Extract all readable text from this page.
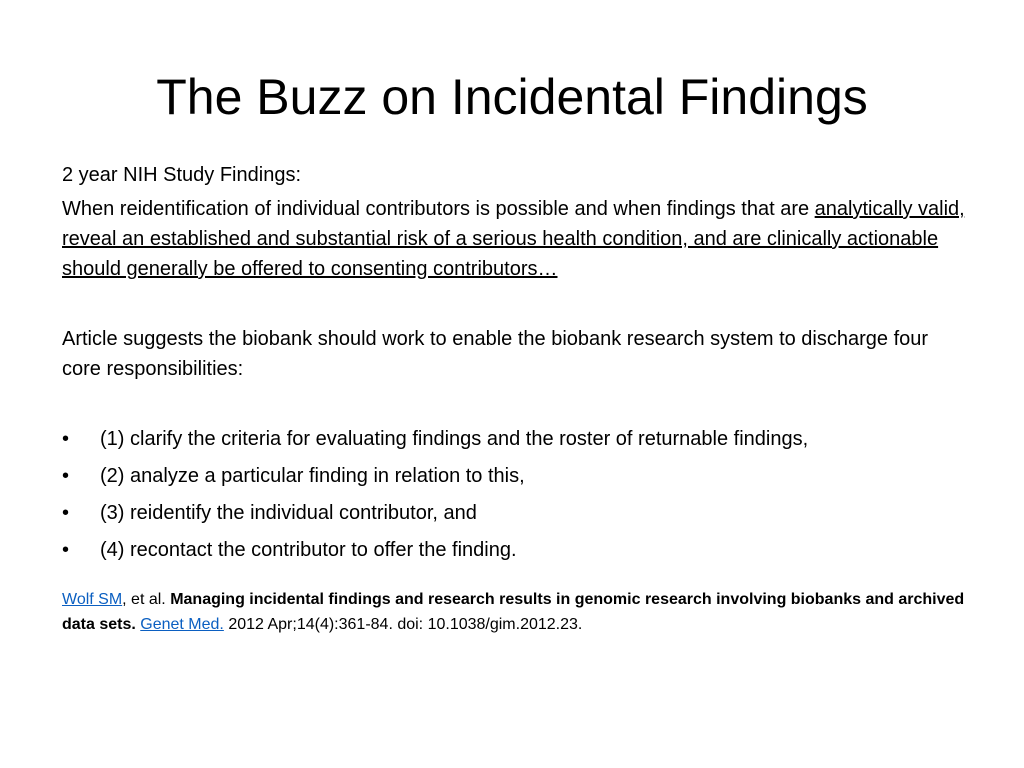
The Buzz on Incidental Findings

2 year NIH Study Findings:

When reidentification of individual contributors is possible and when findings that are analytically valid, reveal an established and substantial risk of a serious health condition, and are clinically actionable should generally be offered to consenting contributors…

Article suggests the biobank should work to enable the biobank research system to discharge four core responsibilities:

• (1) clarify the criteria for evaluating findings and the roster of returnable findings,
• (2) analyze a particular finding in relation to this,
• (3) reidentify the individual contributor, and
• (4) recontact the contributor to offer the finding.

Wolf SM, et al. Managing incidental findings and research results in genomic research involving biobanks and archived data sets. Genet Med. 2012 Apr;14(4):361-84. doi: 10.1038/gim.2012.23.
